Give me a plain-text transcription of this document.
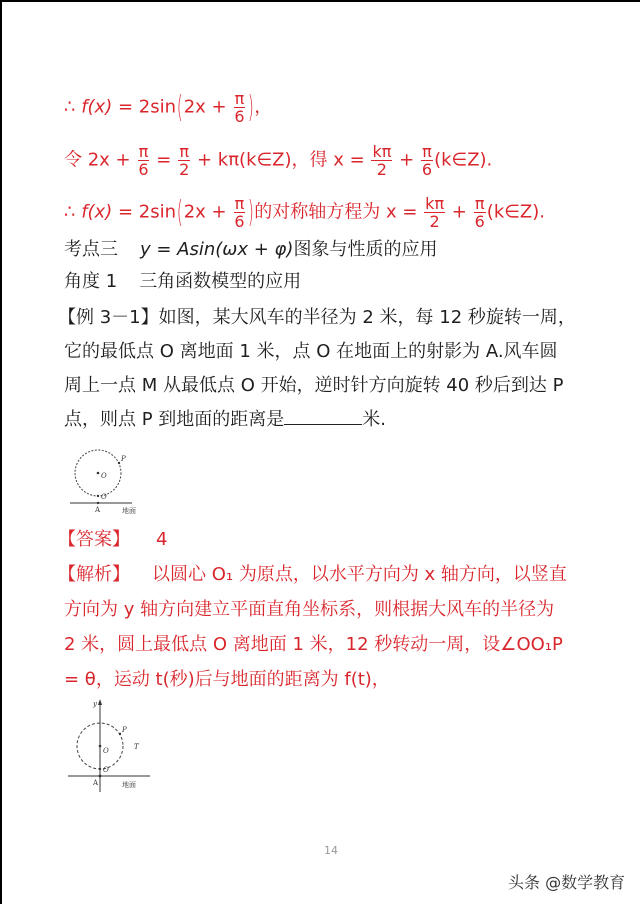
∴ $f(x) = 2\sin(2x + \frac{\pi}{6}$ )，
令 $2x + \frac{\pi}{6} = \frac{\pi}{2}$ + kπ(k∈Z)，得 $x = \frac{k\pi}{2} + \frac{\pi}{6}$ (k∈Z).
∴ $f(x) = 2\sin(2x + \frac{\pi}{6}$ )的对称轴方程为 $x = \frac{k\pi}{2} + \frac{\pi}{6}$ (k∈Z).
考点三 y = Asin(ωx + φ)图象与性质的应用
角度 1 三角函数模型的应用
【例 3－1】如图，某大风车的半径为 2 米，每 12 秒旋转一周，
它的最低点 O 离地面 1 米，点 O 在地面上的射影为 A.风车圆
周上一点 M 从最低点 O 开始，逆时针方向旋转 40 秒后到达 P
点，则点 P 到地面的距离是	米.
P
O
O
A	地面
【答案】 4
【解析】 以圆心 O₁ 为原点，以水平方向为 x 轴方向，以竖直
方向为 y 轴方向建立平面直角坐标系，则根据大风车的半径为
2 米，圆上最低点 O 离地面 1 米，12 秒转动一周，设∠OO₁P
= θ，运动 t(秒)后与地面的距离为 f(t)，
y
P
O
O
A	地面
T
14
头条 @数学教育
